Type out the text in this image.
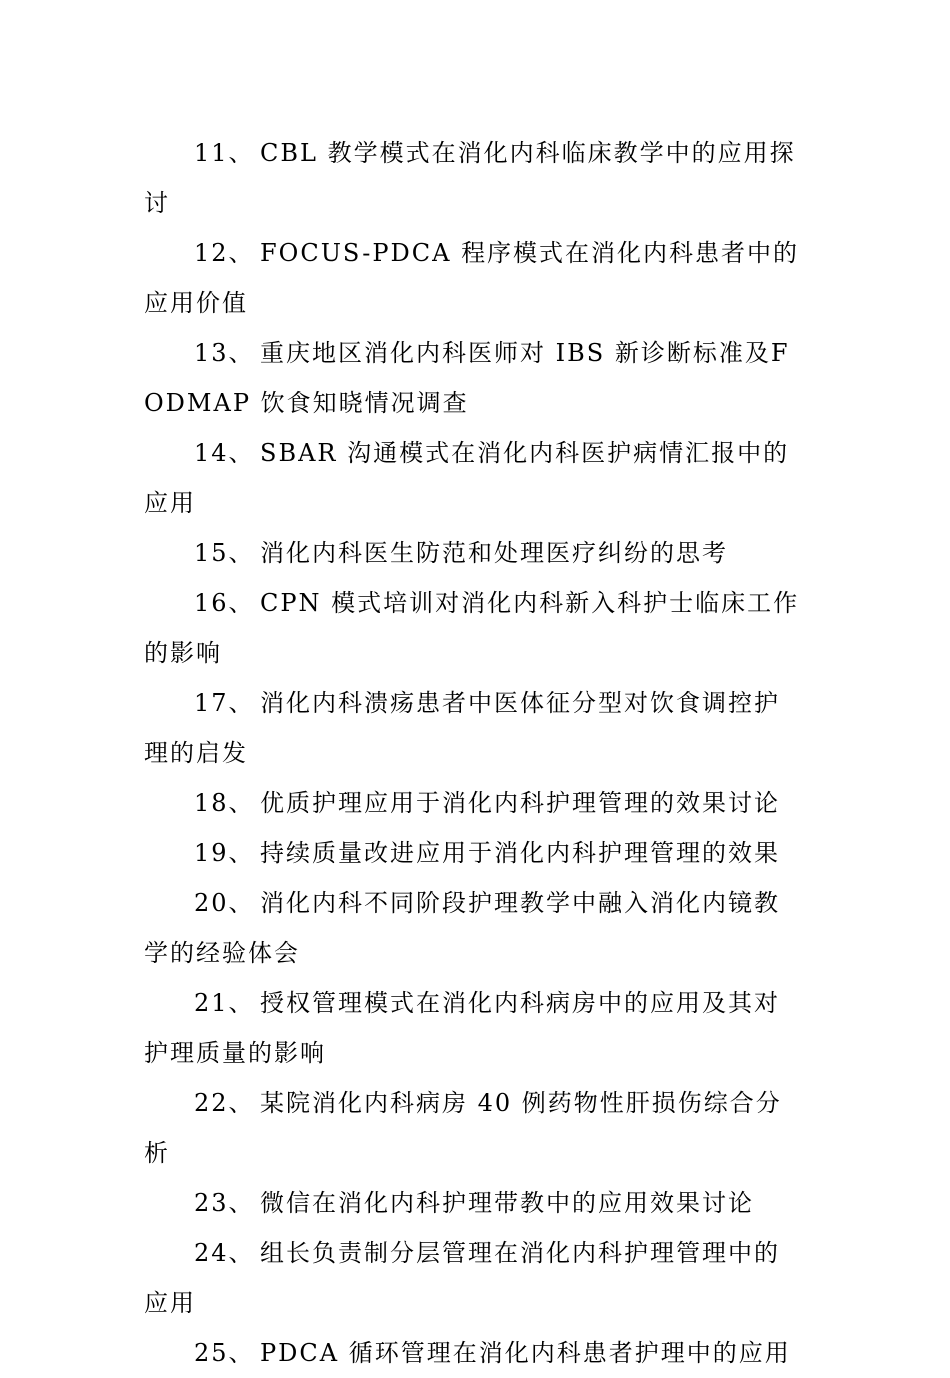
11、 CBL 教学模式在消化内科临床教学中的应用探讨
12、 FOCUS-PDCA 程序模式在消化内科患者中的应用价值
13、 重庆地区消化内科医师对 IBS 新诊断标准及FODMAP 饮食知晓情况调查
14、 SBAR 沟通模式在消化内科医护病情汇报中的应用
15、 消化内科医生防范和处理医疗纠纷的思考
16、 CPN 模式培训对消化内科新入科护士临床工作的影响
17、 消化内科溃疡患者中医体征分型对饮食调控护理的启发
18、 优质护理应用于消化内科护理管理的效果讨论
19、 持续质量改进应用于消化内科护理管理的效果
20、 消化内科不同阶段护理教学中融入消化内镜教学的经验体会
21、 授权管理模式在消化内科病房中的应用及其对护理质量的影响
22、 某院消化内科病房 40 例药物性肝损伤综合分析
23、 微信在消化内科护理带教中的应用效果讨论
24、 组长负责制分层管理在消化内科护理管理中的应用
25、 PDCA 循环管理在消化内科患者护理中的应用
